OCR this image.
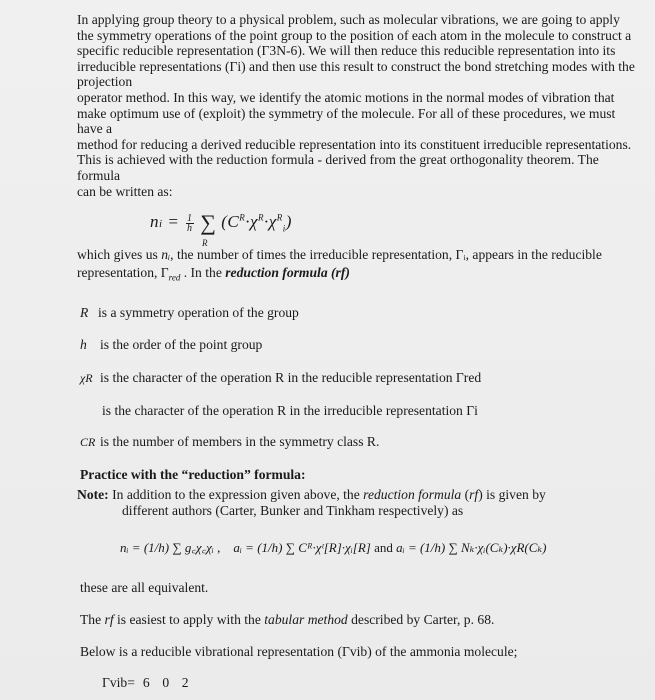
In applying group theory to a physical problem, such as molecular vibrations, we are going to apply

the symmetry operations of the point group to the position of each atom in the molecule to construct a

specific reducible representation (Γ3N-6). We will then reduce this reducible representation into its

irreducible representations (Γi) and then use this result to construct the bond stretching modes with the

projection

operator method. In this way, we identify the atomic motions in the normal modes of vibration that

make optimum use of (exploit) the symmetry of the molecule. For all of these procedures, we must

have a

method for reducing a derived reducible representation into its constituent irreducible representations.

This is achieved with the reduction formula - derived from the great orthogonality theorem. The

formula

can be written as:

ni = $\frac{1}{h}$ ∑ $(C^R\cdot\chi^R\cdot\chi^R_i)$
R
which gives us nᵢ, the number of times the irreducible representation, Γᵢ, appears in the reducible
representation, $\Gamma_{red}$ . In the reduction formula (rf)
R is a symmetry operation of the group
h is the order of the point group
χR is the character of the operation R in the reducible representation Γred
is the character of the operation R in the irreducible representation Γi
CR is the number of members in the symmetry class R.
Practice with the “reduction” formula:
Note: In addition to the expression given above, the reduction formula (rf) is given by
different authors (Carter, Bunker and Tinkham respectively) as
nᵢ = (1/h) ∑ g꜀χ꜀χᵢ ,    aᵢ = (1/h) ∑ Cᴿ·χᵗ[R]·χᵢ[R] and aᵢ = (1/h) ∑ Nₖ·χᵢ(Cₖ)·χR(Cₖ)
these are all equivalent.
The rf is easiest to apply with the tabular method described by Carter, p. 68.
Below is a reducible vibrational representation (Γvib) of the ammonia molecule;
Γvib= 6 0 2
